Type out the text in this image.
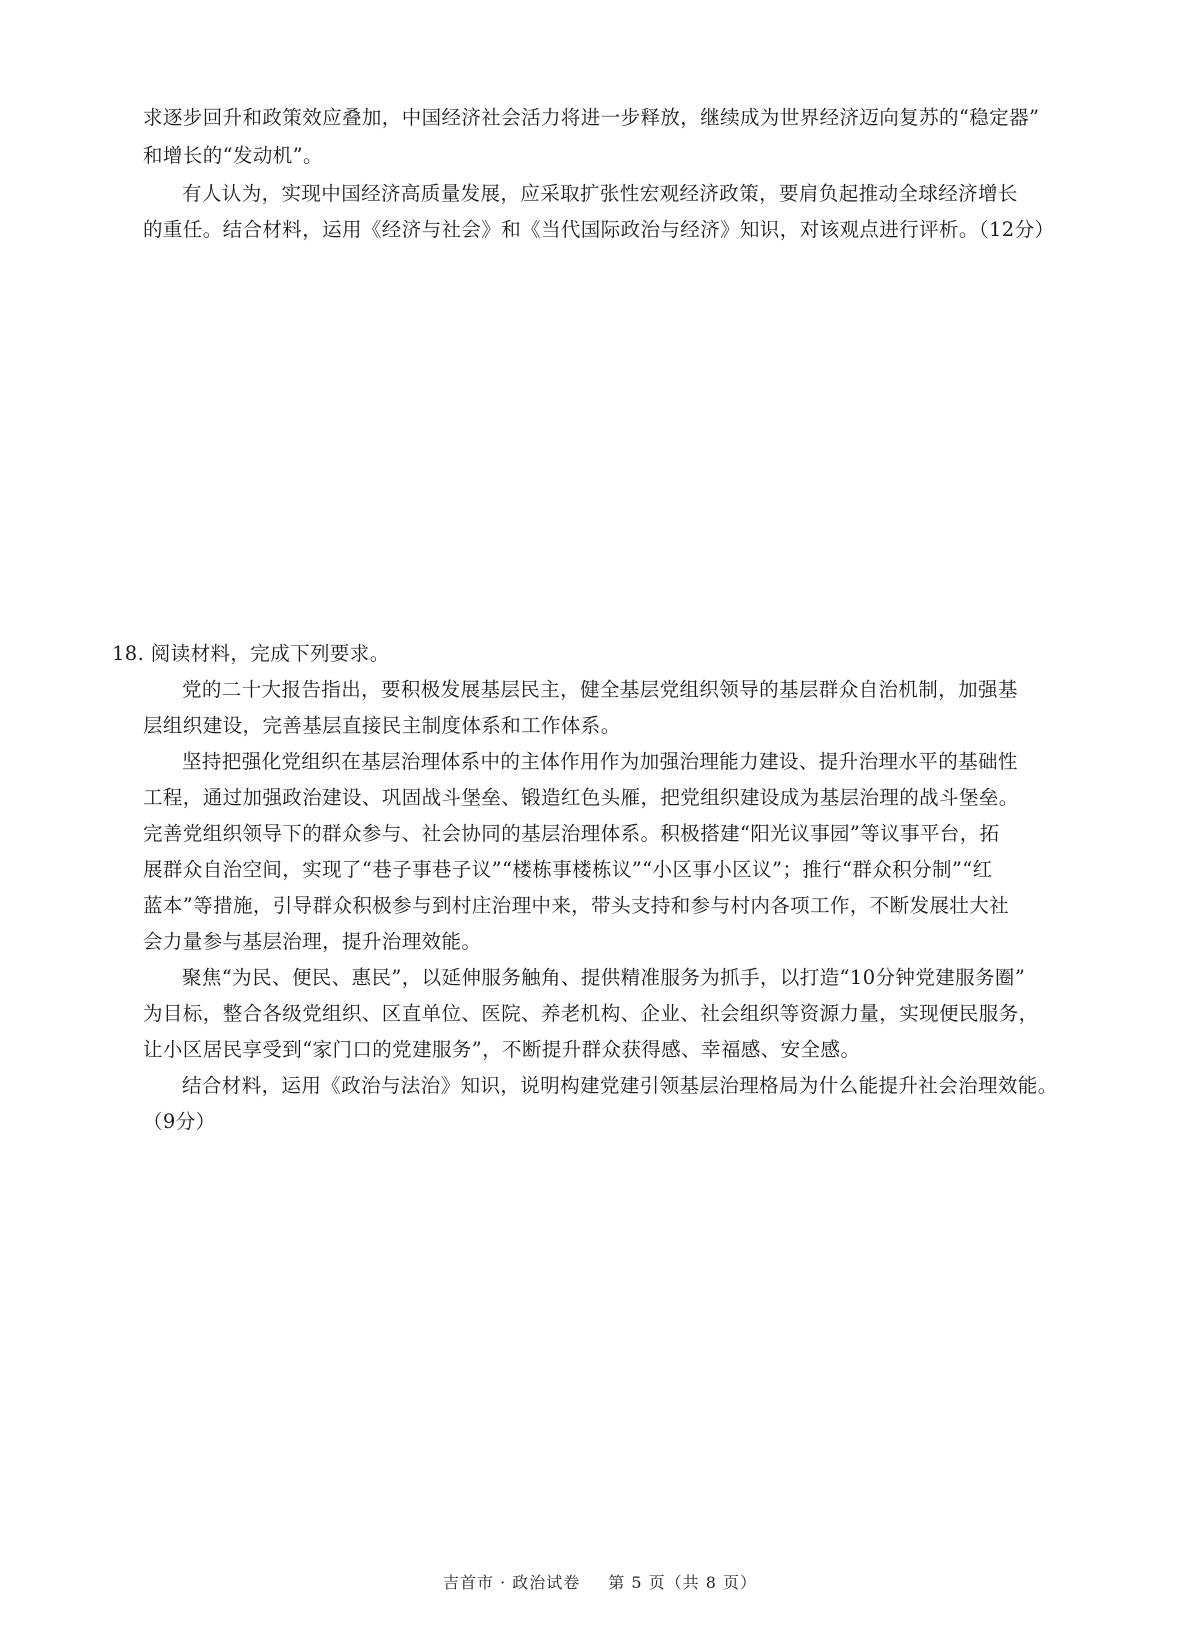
求逐步回升和政策效应叠加，中国经济社会活力将进一步释放，继续成为世界经济迈向复苏的“稳定器”
和增长的“发动机”。
有人认为，实现中国经济高质量发展，应采取扩张性宏观经济政策，要肩负起推动全球经济增长
的重任。结合材料，运用《经济与社会》和《当代国际政治与经济》知识，对该观点进行评析。（12分）
18. 阅读材料，完成下列要求。
党的二十大报告指出，要积极发展基层民主，健全基层党组织领导的基层群众自治机制，加强基
层组织建设，完善基层直接民主制度体系和工作体系。
坚持把强化党组织在基层治理体系中的主体作用作为加强治理能力建设、提升治理水平的基础性
工程，通过加强政治建设、巩固战斗堡垒、锻造红色头雁，把党组织建设成为基层治理的战斗堡垒。
完善党组织领导下的群众参与、社会协同的基层治理体系。积极搭建“阳光议事园”等议事平台，拓
展群众自治空间，实现了“巷子事巷子议”“楼栋事楼栋议”“小区事小区议”；推行“群众积分制”“红
蓝本”等措施，引导群众积极参与到村庄治理中来，带头支持和参与村内各项工作，不断发展壮大社
会力量参与基层治理，提升治理效能。
聚焦“为民、便民、惠民”，以延伸服务触角、提供精准服务为抓手，以打造“10分钟党建服务圈”
为目标，整合各级党组织、区直单位、医院、养老机构、企业、社会组织等资源力量，实现便民服务，
让小区居民享受到“家门口的党建服务”，不断提升群众获得感、幸福感、安全感。
结合材料，运用《政治与法治》知识，说明构建党建引领基层治理格局为什么能提升社会治理效能。
（9分）
吉首市 · 政治试卷 第 5 页（共 8 页）
